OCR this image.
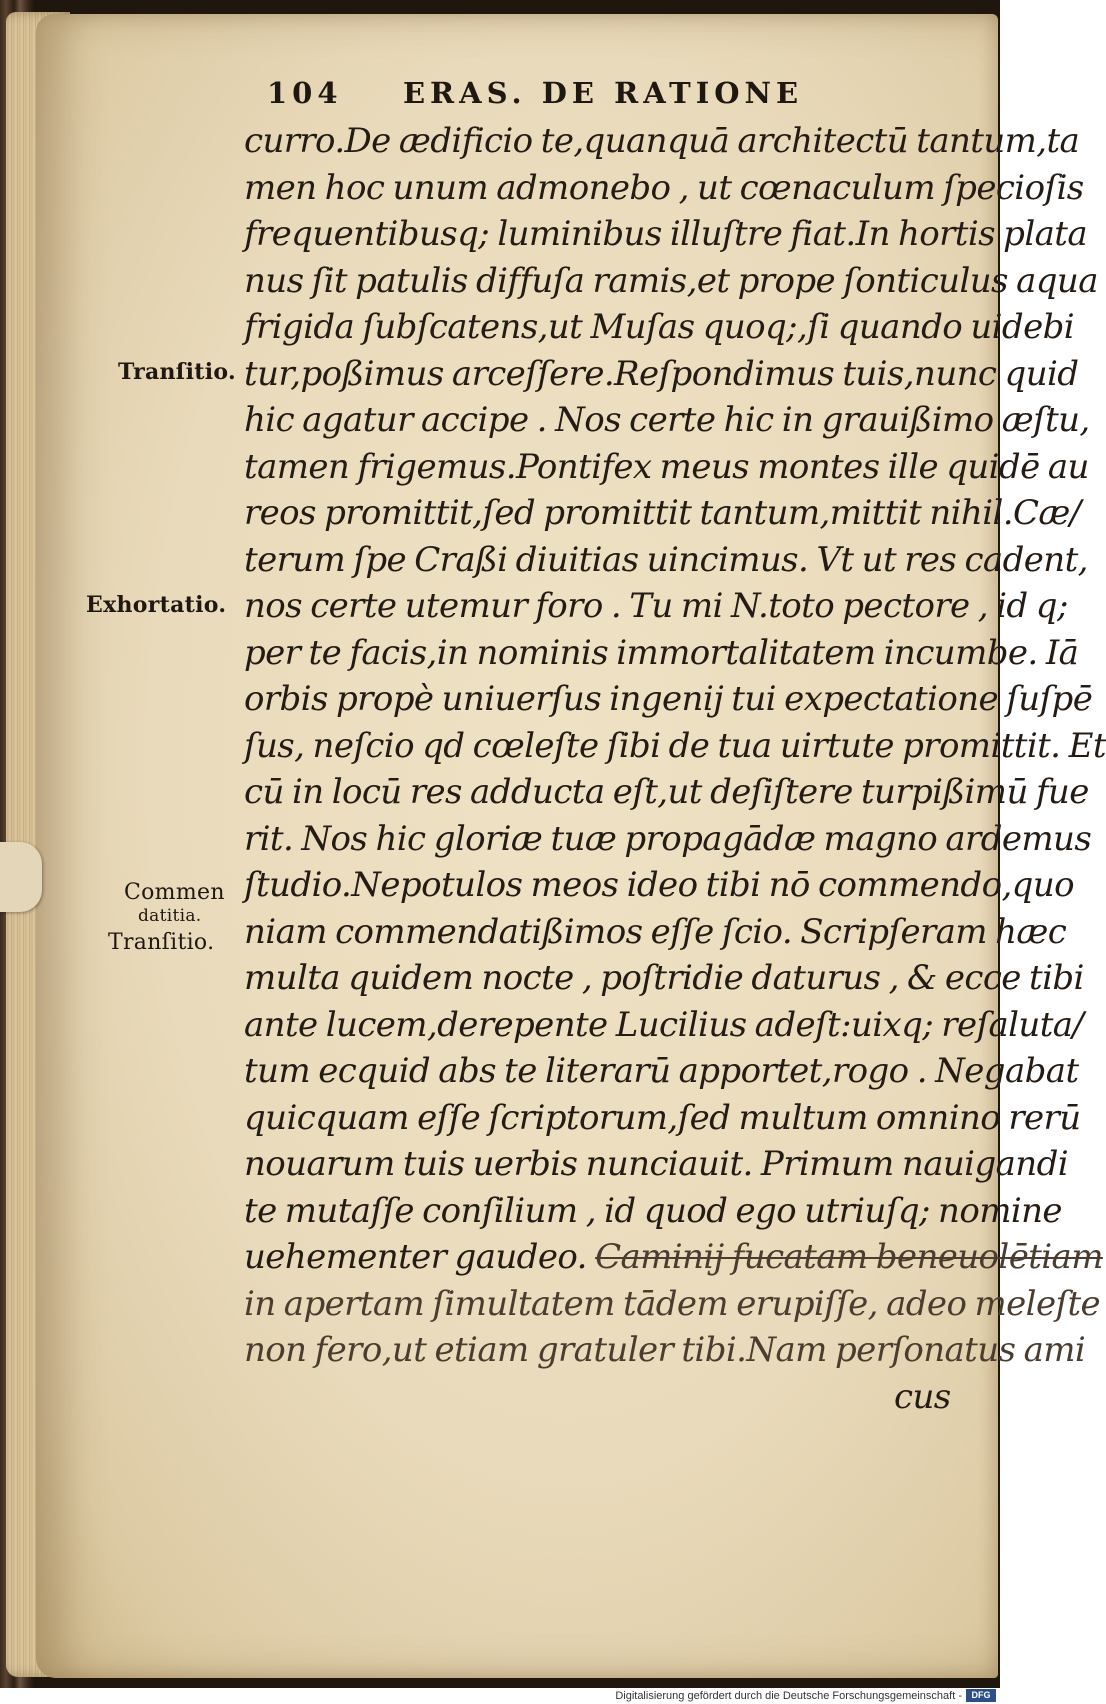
104 ERAS. DE RATIONE
Tranſitio.
Exhortatio.
Commen
datitia.
Tranſitio.
curro.De ædificio te,quanquā architectū tantum,ta
men hoc unum admonebo , ut cœnaculum ſpecioſis
frequentibusq; luminibus illuſtre fiat.In hortis plata
nus ſit patulis diffuſa ramis,et prope ſonticulus aqua
frigida ſubſcatens,ut Muſas quoq;,ſi quando uidebi
tur,poßimus arceſſere.Reſpondimus tuis,nunc quid
hic agatur accipe . Nos certe hic in grauißimo æſtu,
tamen frigemus.Pontifex meus montes ille quidē au
reos promittit,ſed promittit tantum,mittit nihil.Cæ/
terum ſpe Craßi diuitias uincimus. Vt ut res cadent,
nos certe utemur foro . Tu mi N.toto pectore , id q;
per te facis,in nominis immortalitatem incumbe. Iā
orbis propè uniuerſus ingenij tui expectatione ſuſpē
ſus, neſcio qd cœleſte ſibi de tua uirtute promittit. Et
cū in locū res adducta eſt,ut deſiſtere turpißimū fue
rit. Nos hic gloriæ tuæ propagādæ magno ardemus
ſtudio.Nepotulos meos ideo tibi nō commendo,quo
niam commendatißimos eſſe ſcio. Scripſeram hæc
multa quidem nocte , poſtridie daturus , & ecce tibi
ante lucem,derepente Lucilius adeſt:uixq; reſaluta/
tum ecquid abs te literarū apportet,rogo . Negabat
quicquam eſſe ſcriptorum,ſed multum omnino rerū
nouarum tuis uerbis nunciauit. Primum nauigandi
te mutaſſe conſilium , id quod ego utriuſq; nomine
uehementer gaudeo. Caminij fucatam beneuolētiam
in apertam ſimultatem tādem erupiſſe, adeo meleſte
non fero,ut etiam gratuler tibi.Nam perſonatus ami
cus
Digitalisierung gefördert durch die Deutsche Forschungsgemeinschaft -	DFG
